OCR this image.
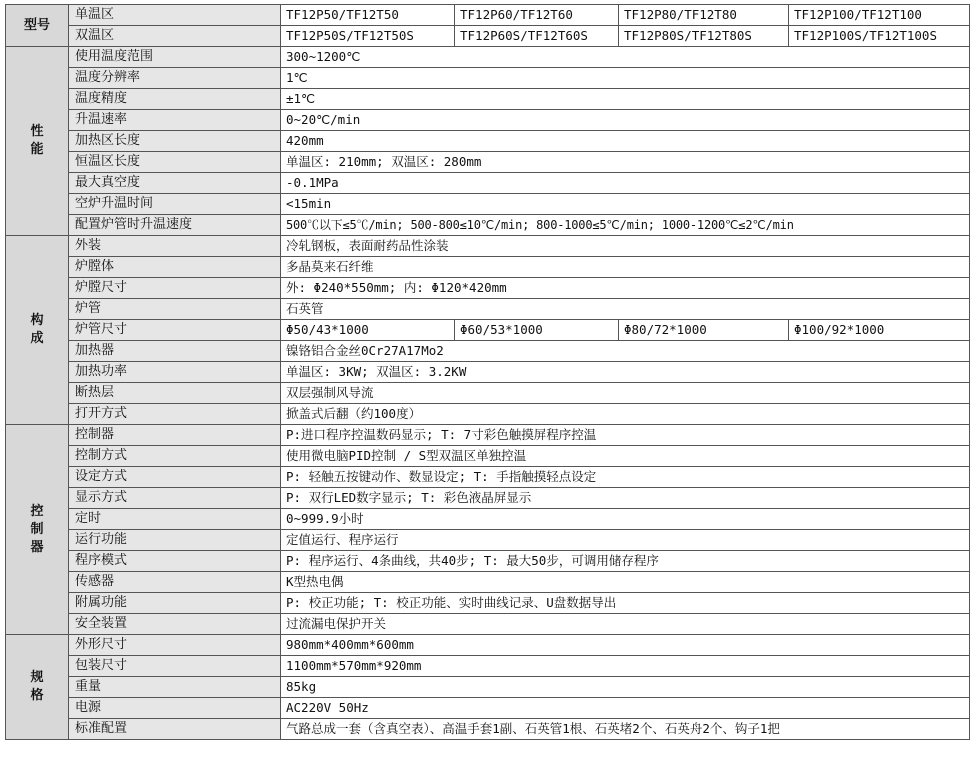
型号	单温区	TF12P50/TF12T50	TF12P60/TF12T60	TF12P80/TF12T80	TF12P100/TF12T100
	双温区	TF12P50S/TF12T50S	TF12P60S/TF12T60S	TF12P80S/TF12T80S	TF12P100S/TF12T100S

性
能	使用温度范围	300~1200℃			
	温度分辨率	1℃			
	温度精度	±1℃			
	升温速率	0~20℃/min			
	加热区长度	420mm			
	恒温区长度	单温区: 210mm; 双温区: 280mm			
	最大真空度	-0.1MPa			
	空炉升温时间	<15min			
	配置炉管时升温速度	500℃以下≤5℃/min; 500-800≤10℃/min; 800-1000≤5℃/min; 1000-1200℃≤2℃/min			

构
成	外装	冷轧钢板，表面耐药品性涂装			
	炉膛体	多晶莫来石纤维			
	炉膛尺寸	外: Φ240*550mm; 内: Φ120*420mm			
	炉管	石英管			
	炉管尺寸	Φ50/43*1000	Φ60/53*1000	Φ80/72*1000	Φ100/92*1000
	加热器	镍铬铝合金丝0Cr27A17Mo2			
	加热功率	单温区: 3KW; 双温区: 3.2KW			
	断热层	双层强制风导流			
	打开方式	掀盖式后翻（约100度）			

控
制
器	控制器	P:进口程序控温数码显示; T: 7寸彩色触摸屏程序控温			
	控制方式	使用微电脑PID控制 / S型双温区单独控温			
	设定方式	P: 轻触五按键动作、数显设定; T: 手指触摸轻点设定			
	显示方式	P: 双行LED数字显示; T: 彩色液晶屏显示			
	定时	0~999.9小时			
	运行功能	定值运行、程序运行			
	程序模式	P: 程序运行、4条曲线，共40步; T: 最大50步，可调用储存程序			
	传感器	K型热电偶			
	附属功能	P: 校正功能; T: 校正功能、实时曲线记录、U盘数据导出			
	安全装置	过流漏电保护开关			

规
格	外形尺寸	980mm*400mm*600mm			
	包装尺寸	1100mm*570mm*920mm			
	重量	85kg			
	电源	AC220V 50Hz			
	标准配置	气路总成一套（含真空表）、高温手套1副、石英管1根、石英堵2个、石英舟2个、钩子1把			
